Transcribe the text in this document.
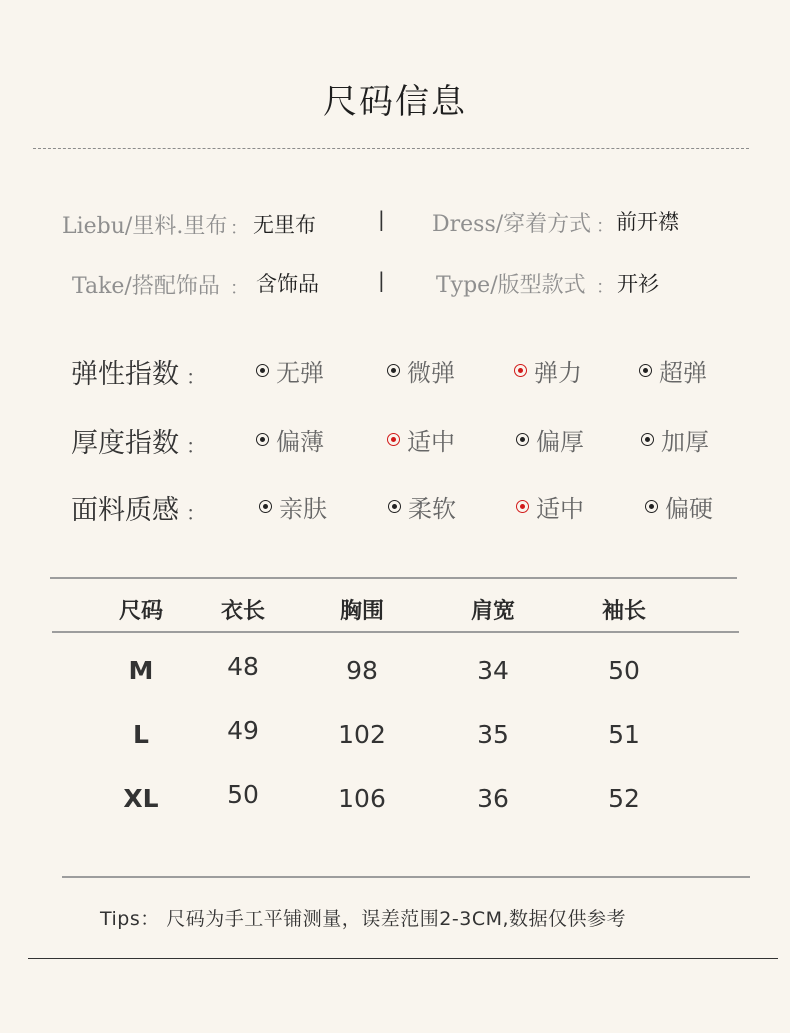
尺码信息
Liebu/里料.里布 ： 无里布	| Dress/穿着方式 ： 前开襟
Take/搭配饰品 ： 含饰品	| Type/版型款式 ： 开衫
弹性指数 ：	无弹	微弹	弹力	超弹
厚度指数 ：	偏薄	适中	偏厚	加厚
面料质感 ：	亲肤	柔软	适中	偏硬
尺码	衣长	胸围	肩宽	袖长
M	48	98	34	50
L	49	102	35	51
XL	50	106	36	52
Tips： 尺码为手工平铺测量，误差范围2-3CM,数据仅供参考
